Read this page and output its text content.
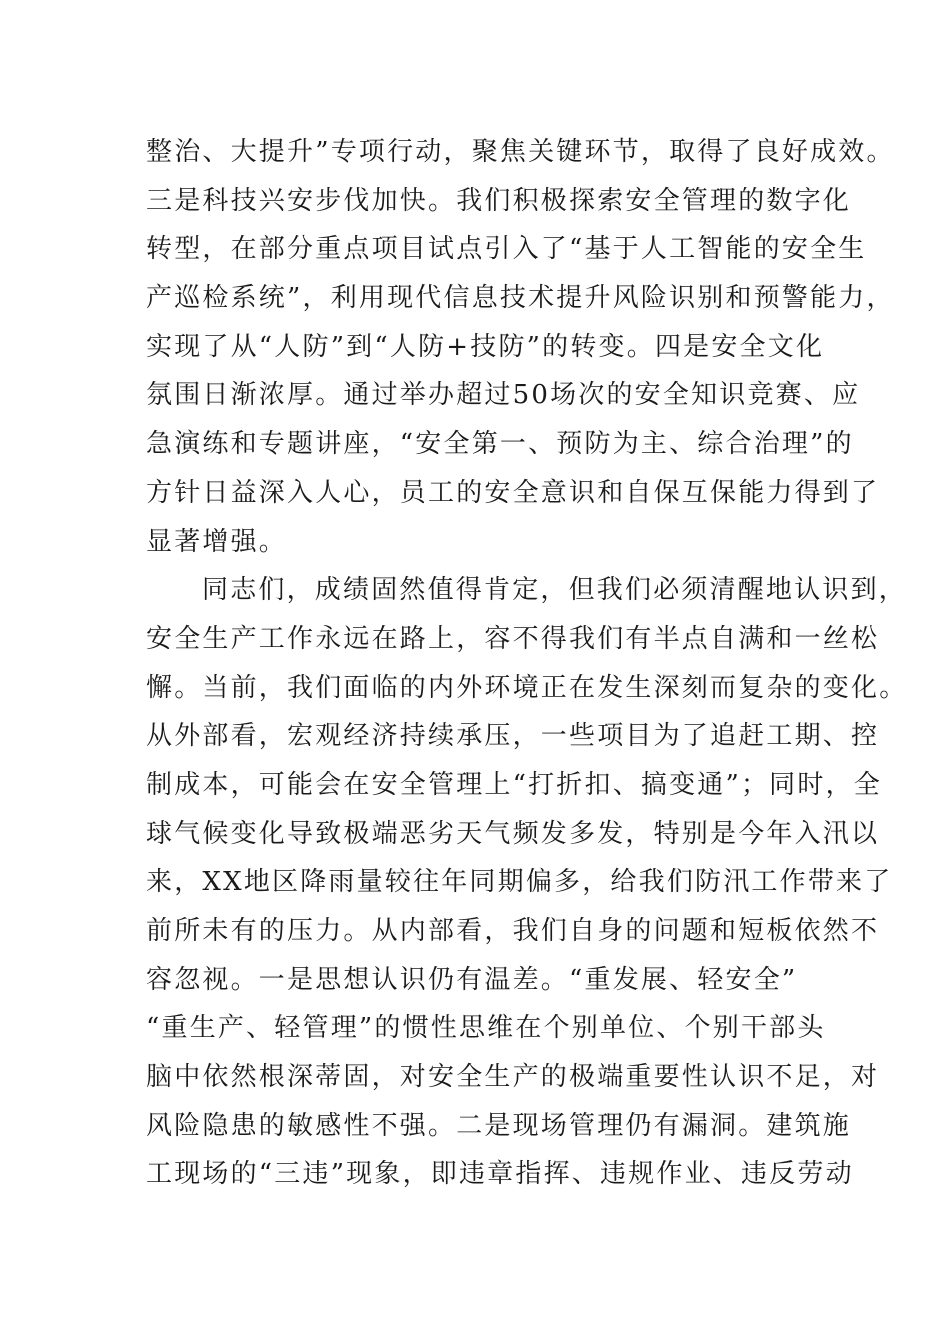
整治、大提升”专项行动，聚焦关键环节，取得了良好成效。
三是科技兴安步伐加快。我们积极探索安全管理的数字化
转型，在部分重点项目试点引入了“基于人工智能的安全生
产巡检系统”，利用现代信息技术提升风险识别和预警能力，
实现了从“人防”到“人防+技防”的转变。四是安全文化
氛围日渐浓厚。通过举办超过50场次的安全知识竞赛、应
急演练和专题讲座，“安全第一、预防为主、综合治理”的
方针日益深入人心，员工的安全意识和自保互保能力得到了
显著增强。
同志们，成绩固然值得肯定，但我们必须清醒地认识到，
安全生产工作永远在路上，容不得我们有半点自满和一丝松
懈。当前，我们面临的内外环境正在发生深刻而复杂的变化。
从外部看，宏观经济持续承压，一些项目为了追赶工期、控
制成本，可能会在安全管理上“打折扣、搞变通”；同时，全
球气候变化导致极端恶劣天气频发多发，特别是今年入汛以
来，XX地区降雨量较往年同期偏多，给我们防汛工作带来了
前所未有的压力。从内部看，我们自身的问题和短板依然不
容忽视。一是思想认识仍有温差。“重发展、轻安全”
“重生产、轻管理”的惯性思维在个别单位、个别干部头
脑中依然根深蒂固，对安全生产的极端重要性认识不足，对
风险隐患的敏感性不强。二是现场管理仍有漏洞。建筑施
工现场的“三违”现象，即违章指挥、违规作业、违反劳动
